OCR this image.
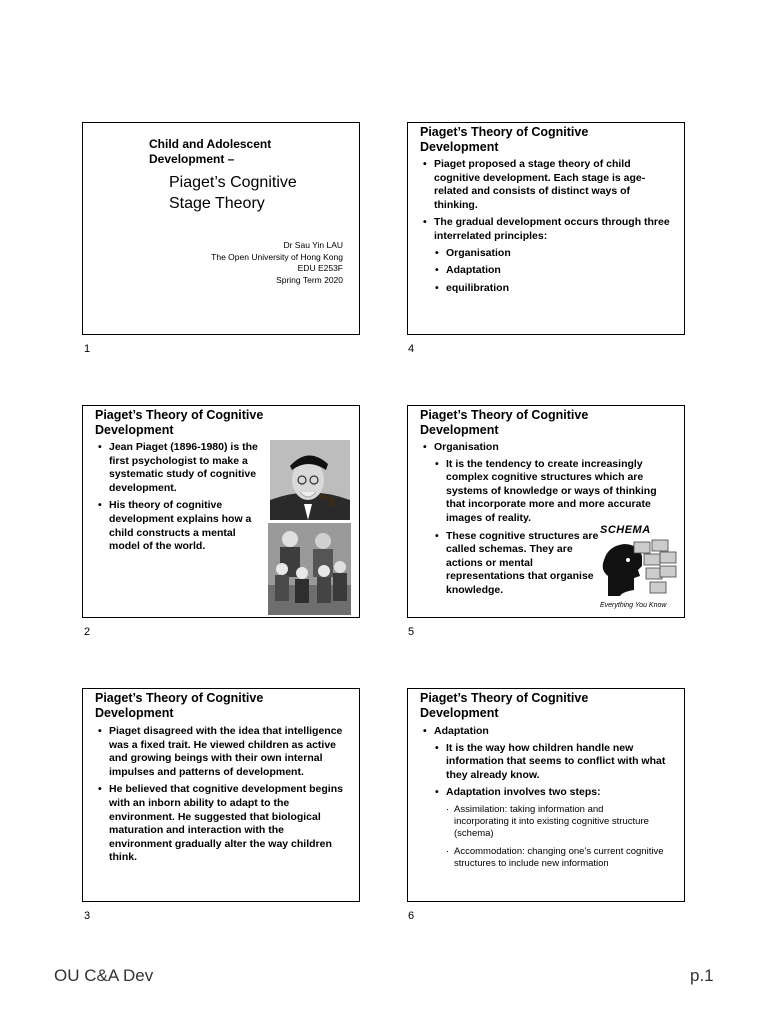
Child and Adolescent Development –
Piaget’s Cognitive
Stage Theory
Dr Sau Yin LAU
The Open University of Hong Kong
EDU E253F
Spring Term 2020
1
Piaget’s Theory of Cognitive Development
• Piaget proposed a stage theory of child cognitive development. Each stage is age-related and consists of distinct ways of thinking.
• The gradual development occurs through three interrelated principles:
• Organisation
• Adaptation
• equilibration
4
Piaget’s Theory of Cognitive Development
• Jean Piaget (1896-1980) is the first psychologist to make a systematic study of cognitive development.
• His theory of cognitive development explains how a child constructs a mental model of the world.
2
Piaget’s Theory of Cognitive Development
• Organisation
• It is the tendency to create increasingly complex cognitive structures which are systems of knowledge or ways of thinking that incorporate more and more accurate images of reality.
• These cognitive structures are called schemas. They are actions or mental representations that organise knowledge.
SCHEMA
Everything You Know
5
Piaget’s Theory of Cognitive Development
• Piaget disagreed with the idea that intelligence was a fixed trait. He viewed children as active and growing beings with their own internal impulses and patterns of development.
• He believed that cognitive development begins with an inborn ability to adapt to the environment. He suggested that biological maturation and interaction with the environment gradually alter the way children think.
3
Piaget’s Theory of Cognitive Development
• Adaptation
• It is the way how children handle new information that seems to conflict with what they already know.
• Adaptation involves two steps:
· Assimilation: taking information and incorporating it into existing cognitive structure (schema)
· Accommodation: changing one’s current cognitive structures to include new information
6
OU C&A Dev	p.1
